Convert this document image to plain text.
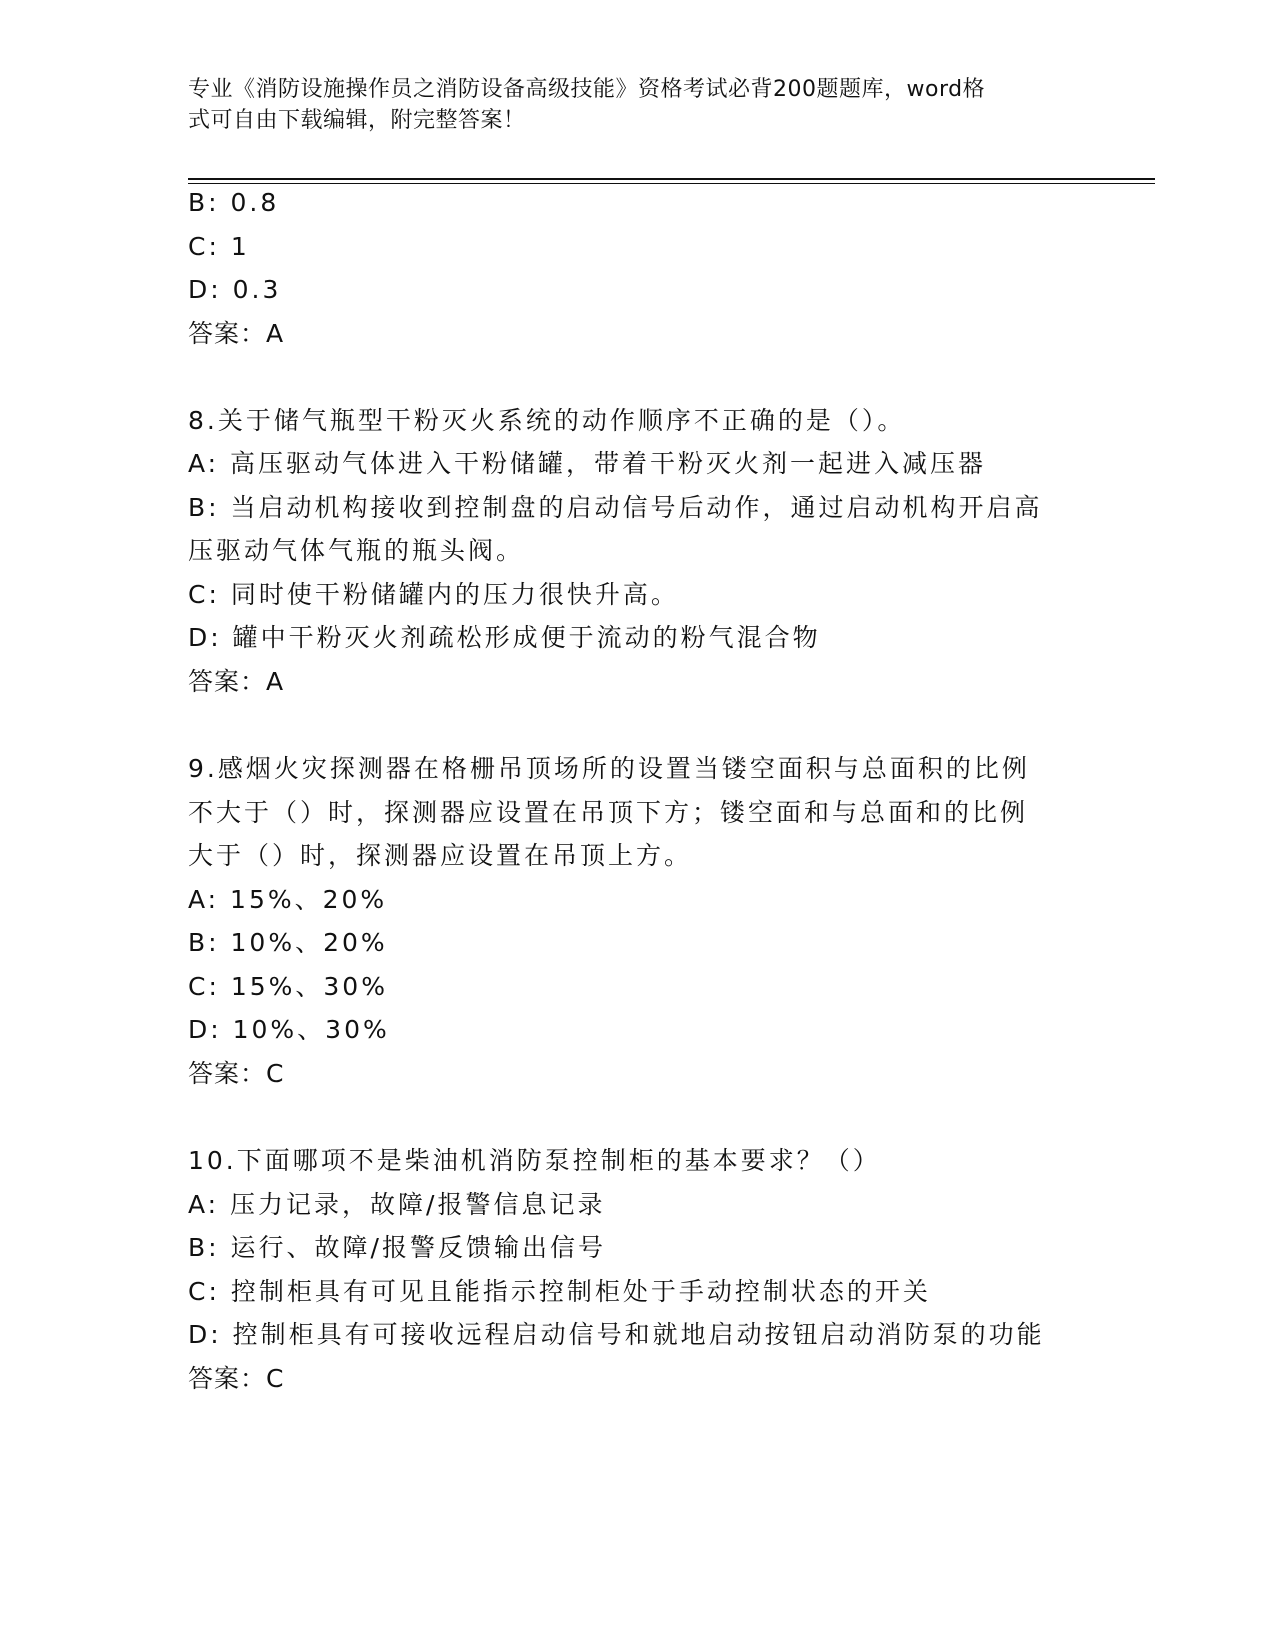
专业《消防设施操作员之消防设备高级技能》资格考试必背200题题库，word格
式可自由下载编辑，附完整答案！
B: 0.8
C: 1
D: 0.3
答案：A
8.关于储气瓶型干粉灭火系统的动作顺序不正确的是（）。
A: 高压驱动气体进入干粉储罐，带着干粉灭火剂一起进入减压器
B: 当启动机构接收到控制盘的启动信号后动作，通过启动机构开启高
压驱动气体气瓶的瓶头阀。
C: 同时使干粉储罐内的压力很快升高。
D: 罐中干粉灭火剂疏松形成便于流动的粉气混合物
答案：A
9.感烟火灾探测器在格栅吊顶场所的设置当镂空面积与总面积的比例
不大于（）时，探测器应设置在吊顶下方；镂空面和与总面和的比例
大于（）时，探测器应设置在吊顶上方。
A: 15%、20%
B: 10%、20%
C: 15%、30%
D: 10%、30%
答案：C
10.下面哪项不是柴油机消防泵控制柜的基本要求？（）
A: 压力记录，故障/报警信息记录
B: 运行、故障/报警反馈输出信号
C: 控制柜具有可见且能指示控制柜处于手动控制状态的开关
D: 控制柜具有可接收远程启动信号和就地启动按钮启动消防泵的功能
答案：C
